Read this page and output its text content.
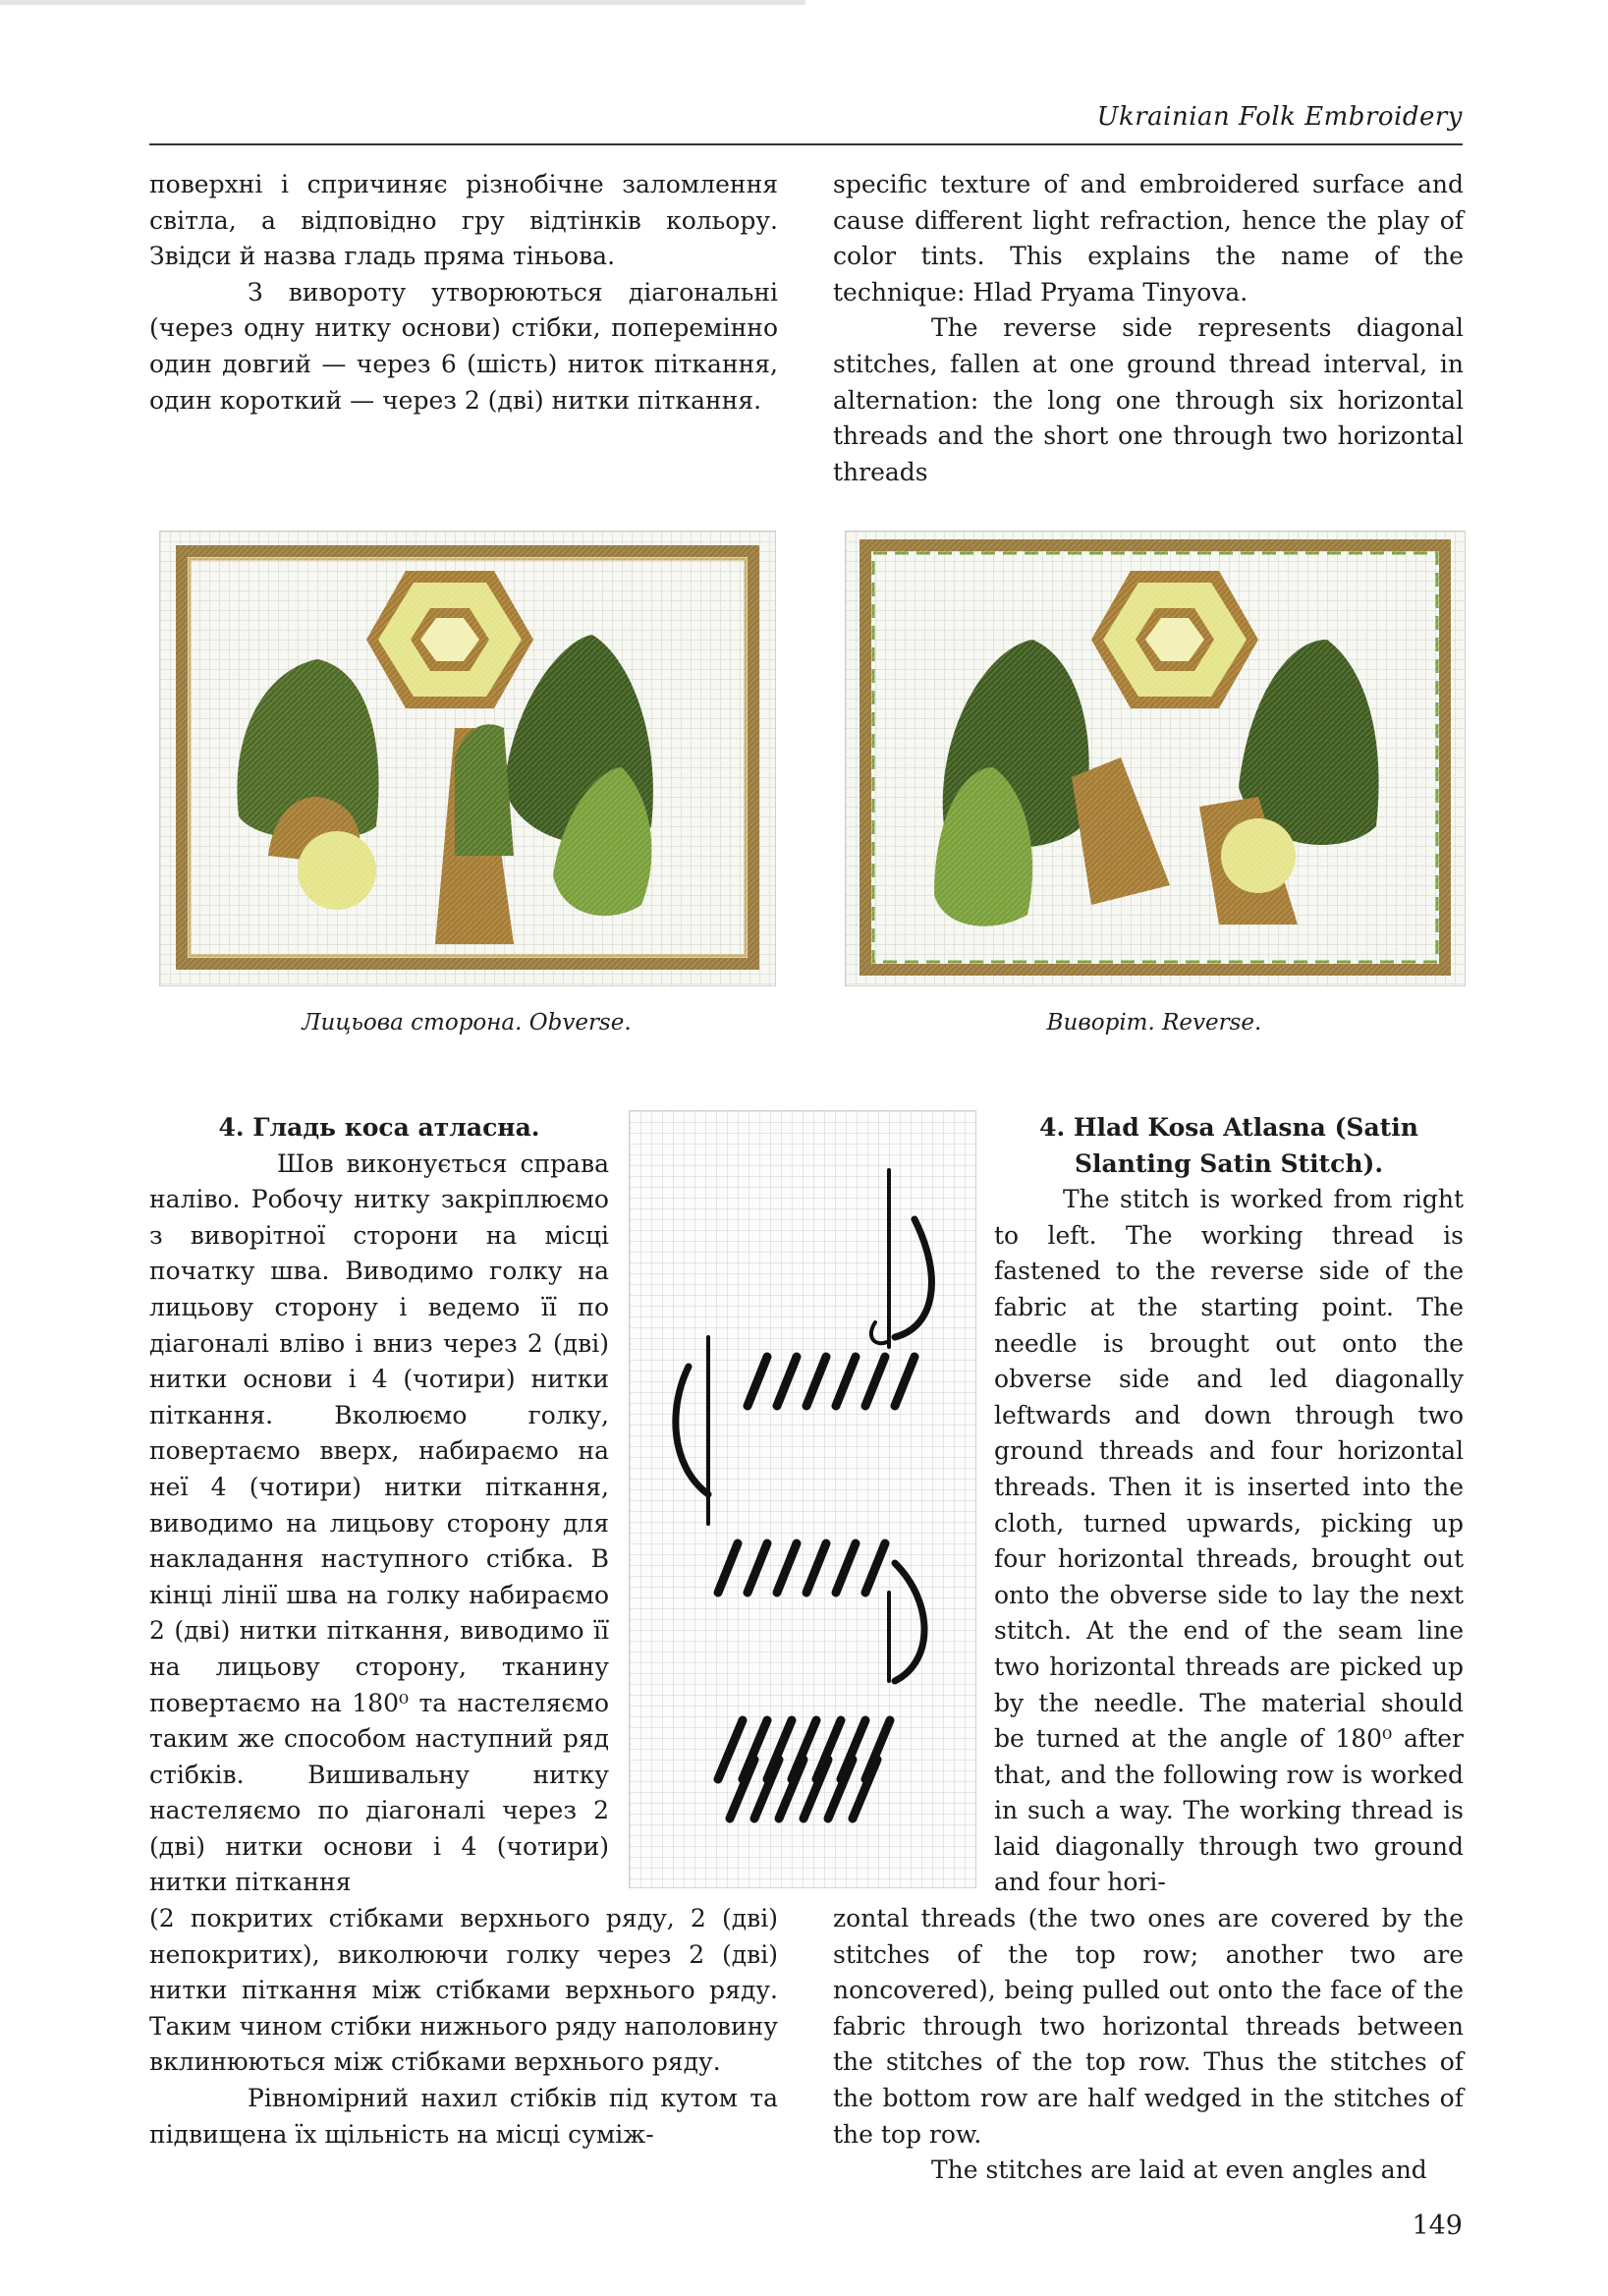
Ukrainian Folk Embroidery

поверхні і спричиняє різнобічне заломлення світла, а відповідно гру відтінків кольору. Звідси й назва гладь пряма тіньова.

З вивороту утворюються діагональні (через одну нитку основи) стібки, поперемінно один довгий — через 6 (шість) ниток піткання, один короткий — через 2 (дві) нитки піткання.

specific texture of and embroidered surface and cause different light refraction, hence the play of color tints. This explains the name of the technique: Hlad Pryama Tinyova.

The reverse side represents diagonal stitches, fallen at one ground thread interval, in alternation: the long one through six horizontal threads and the short one through two horizontal threads

Лицьова сторона. Obverse.	Виворіт. Reverse.

4. Гладь коса атласна.

Шов виконується справа наліво. Робочу нитку закріплюємо з виворітної сторони на місці початку шва. Виводимо голку на лицьову сторону і ведемо її по діагоналі вліво і вниз через 2 (дві) нитки основи і 4 (чотири) нитки піткання. Вколюємо голку, повертаємо вверх, набираємо на неї 4 (чотири) нитки піткання, виводимо на лицьову сторону для накладання наступного стібка. В кінці лінії шва на голку набираємо 2 (дві) нитки піткання, виводимо її на лицьову сторону, тканину повертаємо на 180⁰ та настеляємо таким же способом наступний ряд стібків. Вишивальну нитку настеляємо по діагоналі через 2 (дві) нитки основи і 4 (чотири) нитки піткання

(2 покритих стібками верхнього ряду, 2 (дві) непокритих), виколюючи голку через 2 (дві) нитки піткання між стібками верхнього ряду. Таким чином стібки нижнього ряду наполовину вклинюються між стібками верхнього ряду.

Рівномірний нахил стібків під кутом та підвищена їх щільність на місці суміж-

4. Hlad Kosa Atlasna (Satin Slanting Satin Stitch).

The stitch is worked from right to left. The working thread is fastened to the reverse side of the fabric at the starting point. The needle is brought out onto the obverse side and led diagonally leftwards and down through two ground threads and four horizontal threads. Then it is inserted into the cloth, turned upwards, picking up four horizontal threads, brought out onto the obverse side to lay the next stitch. At the end of the seam line two horizontal threads are picked up by the needle. The material should be turned at the angle of 180⁰ after that, and the following row is worked in such a way. The working thread is laid diagonally through two ground and four hori-

zontal threads (the two ones are covered by the stitches of the top row; another two are noncovered), being pulled out onto the face of the fabric through two horizontal threads between the stitches of the top row. Thus the stitches of the bottom row are half wedged in the stitches of the top row.

The stitches are laid at even angles and

149
